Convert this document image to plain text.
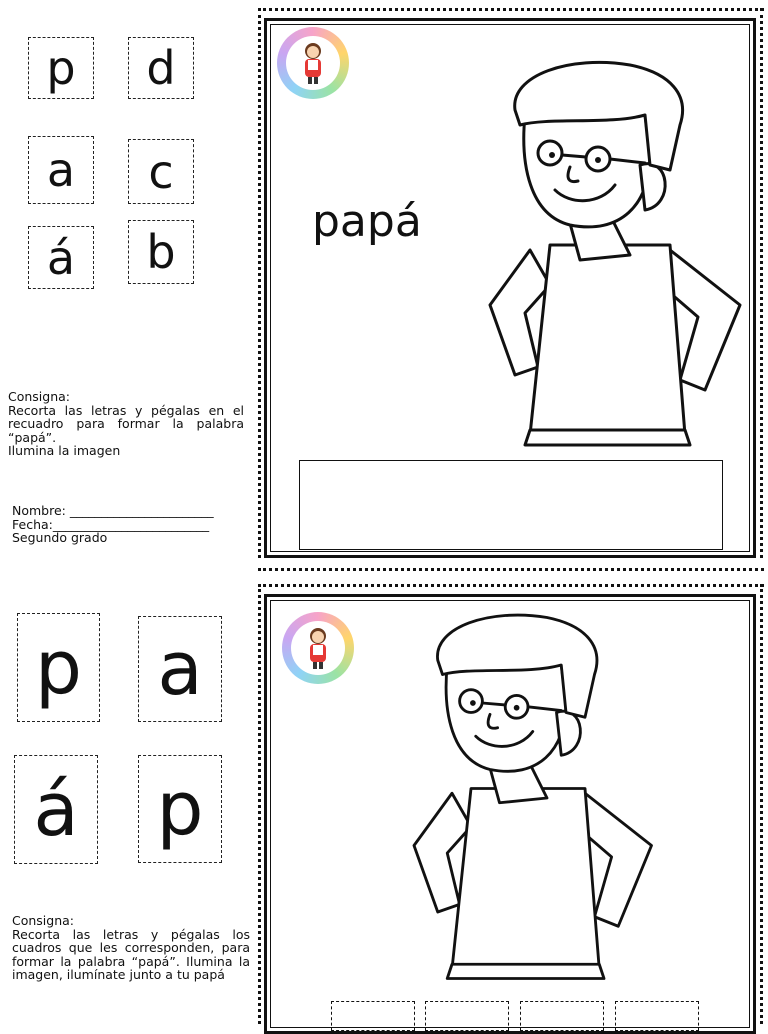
p d
a c
á b

Consigna:

Recorta las letras y pégalas en el recuadro para formar la palabra “papá”.

Ilumina la imagen

Nombre: _______________________

Fecha:_________________________

Segundo grado

papá
p a
á p

Consigna:

Recorta las letras y pégalas los cuadros que les corresponden, para formar la palabra “papá”. Ilumina la imagen, ilumínate junto a tu papá
